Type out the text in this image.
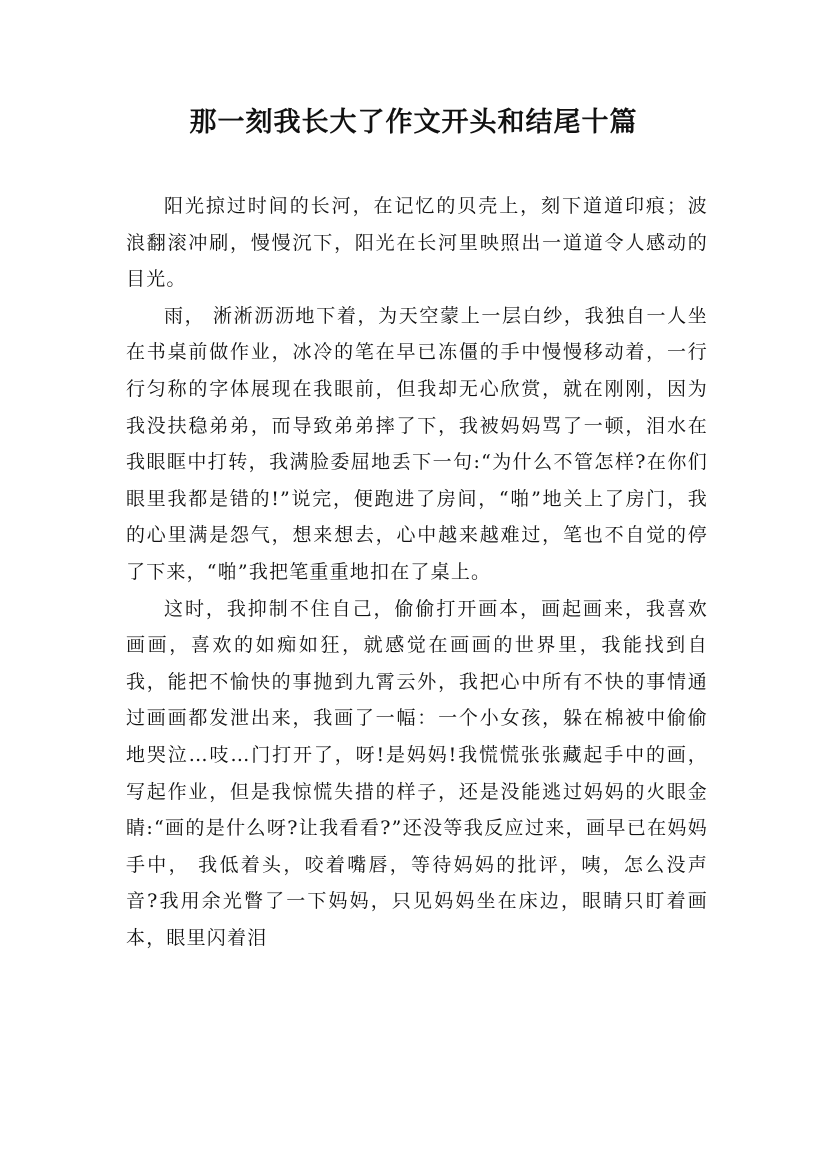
那一刻我长大了作文开头和结尾十篇

阳光掠过时间的长河，在记忆的贝壳上，刻下道道印痕；波浪翻滚冲刷，慢慢沉下，阳光在长河里映照出一道道令人感动的目光。

雨， 淅淅沥沥地下着，为天空蒙上一层白纱，我独自一人坐在书桌前做作业，冰冷的笔在早已冻僵的手中慢慢移动着，一行行匀称的字体展现在我眼前，但我却无心欣赏，就在刚刚，因为我没扶稳弟弟，而导致弟弟摔了下，我被妈妈骂了一顿，泪水在我眼眶中打转，我满脸委屈地丢下一句:“为什么不管怎样?在你们眼里我都是错的!”说完，便跑进了房间，“啪”地关上了房门，我的心里满是怨气，想来想去，心中越来越难过，笔也不自觉的停了下来，“啪”我把笔重重地扣在了桌上。

这时，我抑制不住自己，偷偷打开画本，画起画来，我喜欢画画，喜欢的如痴如狂，就感觉在画画的世界里，我能找到自我，能把不愉快的事抛到九霄云外，我把心中所有不快的事情通过画画都发泄出来，我画了一幅：一个小女孩，躲在棉被中偷偷地哭泣…吱…门打开了，呀!是妈妈!我慌慌张张藏起手中的画，写起作业，但是我惊慌失措的样子，还是没能逃过妈妈的火眼金睛:“画的是什么呀?让我看看?”还没等我反应过来，画早已在妈妈手中， 我低着头，咬着嘴唇，等待妈妈的批评，咦，怎么没声音?我用余光瞥了一下妈妈，只见妈妈坐在床边，眼睛只盯着画本，眼里闪着泪
